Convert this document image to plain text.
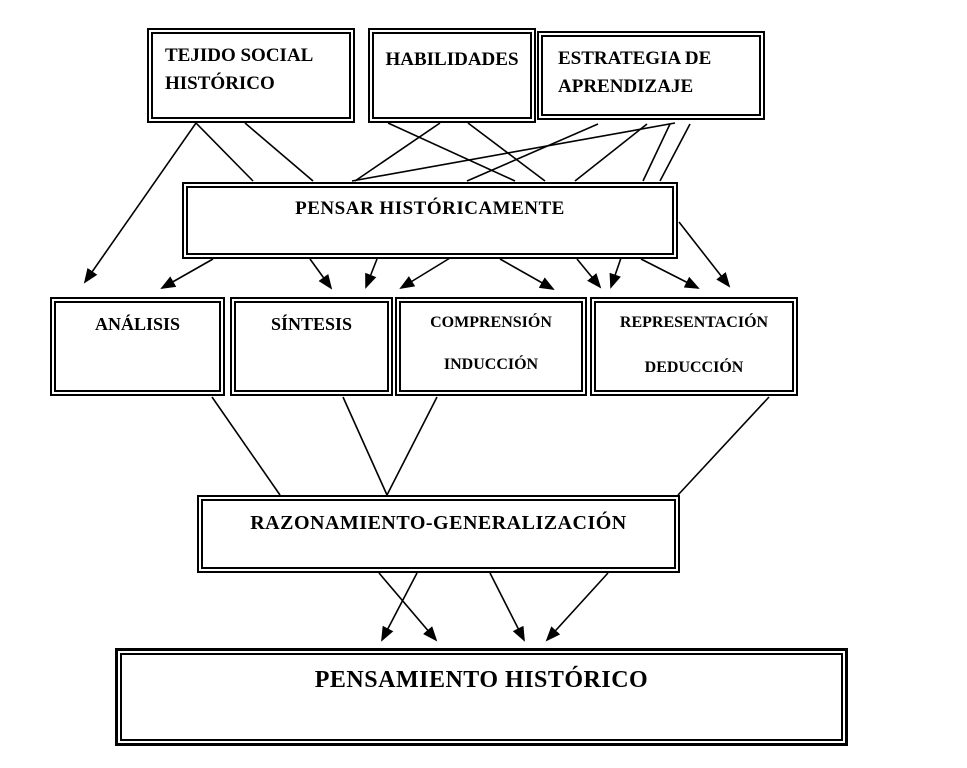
TEJIDO SOCIAL
HISTÓRICO
HABILIDADES ESTRATEGIA DE
APRENDIZAJE
PENSAR HISTÓRICAMENTE
ANÁLISIS	SÍNTESIS	COMPRENSIÓN
INDUCCIÓN
REPRESENTACIÓN
DEDUCCIÓN
RAZONAMIENTO-GENERALIZACIÓN
PENSAMIENTO HISTÓRICO
